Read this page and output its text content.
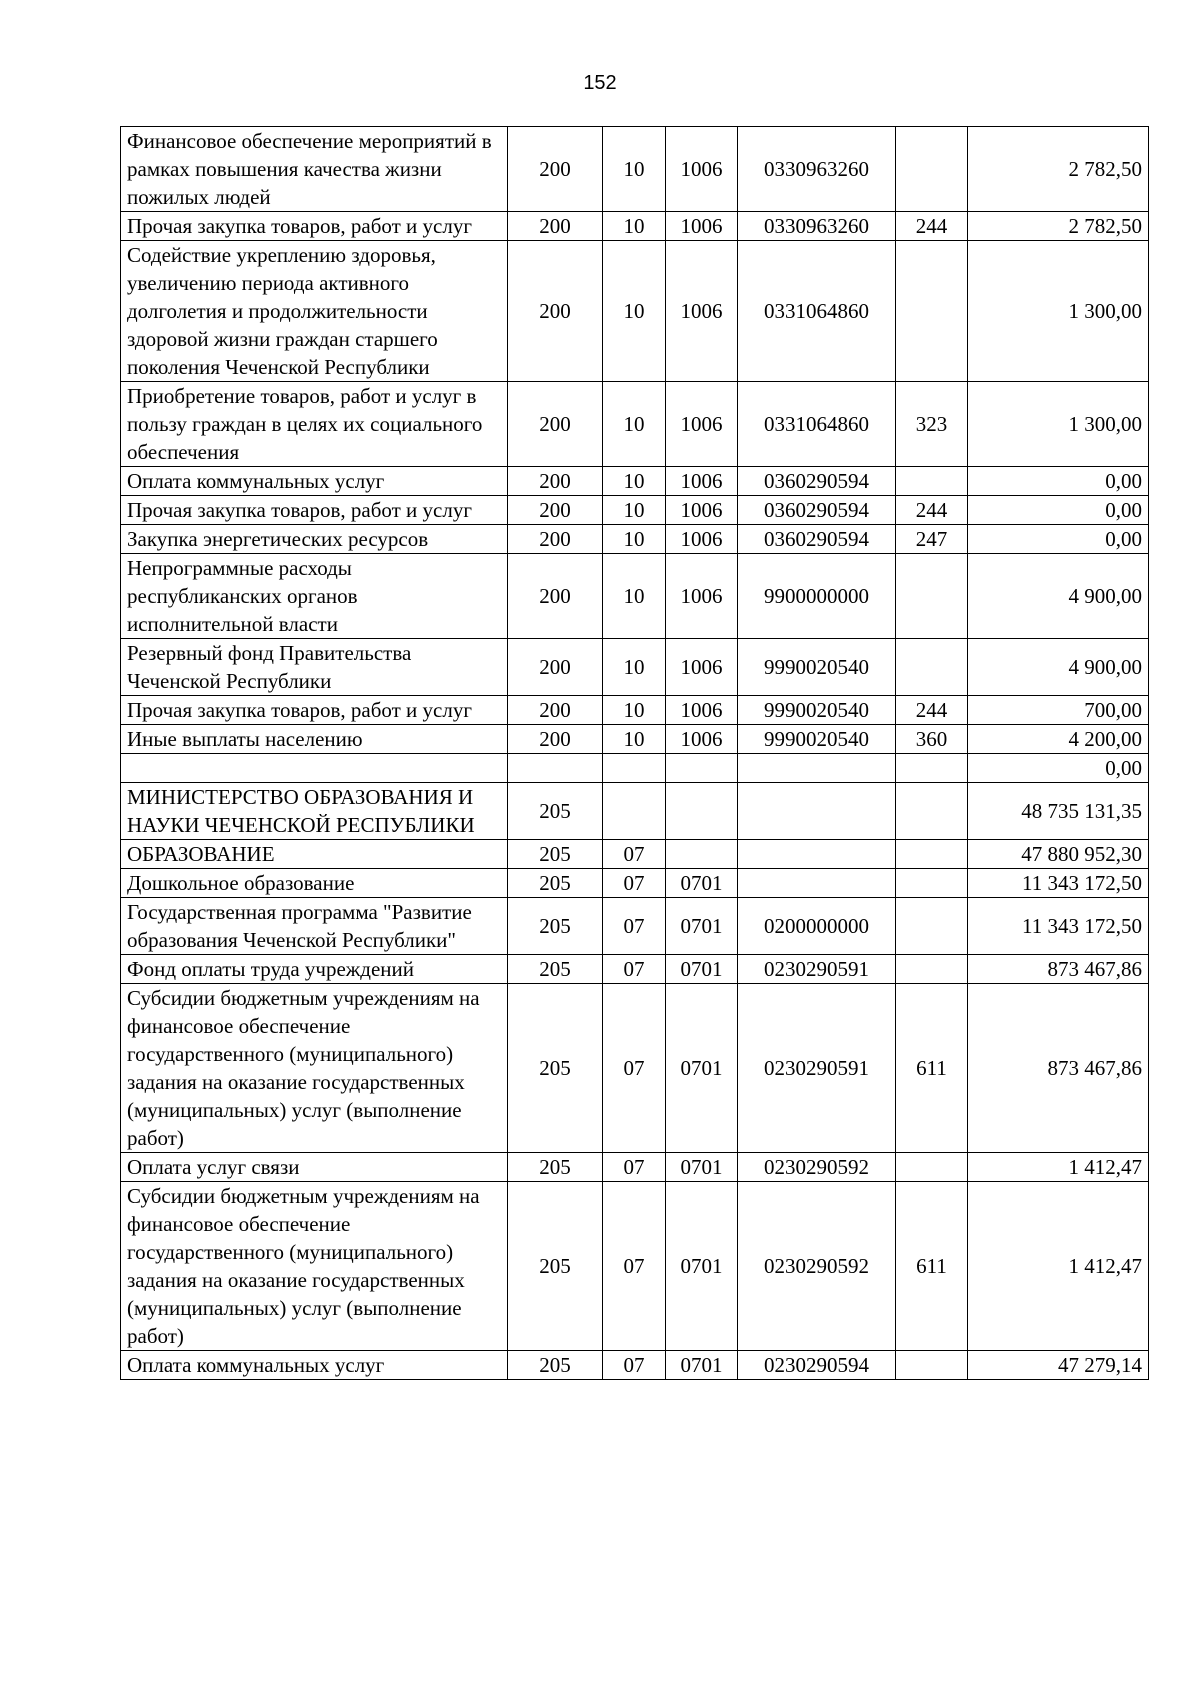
152
Финансовое обеспечение мероприятий в рамках повышения качества жизни пожилых людей	200	10	1006	0330963260		2 782,50
Прочая закупка товаров, работ и услуг	200	10	1006	0330963260	244	2 782,50
Содействие укреплению здоровья, увеличению периода активного долголетия и продолжительности здоровой жизни граждан старшего поколения Чеченской Республики	200	10	1006	0331064860		1 300,00
Приобретение товаров, работ и услуг в пользу граждан в целях их социального обеспечения	200	10	1006	0331064860	323	1 300,00
Оплата коммунальных услуг	200	10	1006	0360290594		0,00
Прочая закупка товаров, работ и услуг	200	10	1006	0360290594	244	0,00
Закупка энергетических ресурсов	200	10	1006	0360290594	247	0,00
Непрограммные расходы республиканских органов исполнительной власти	200	10	1006	9900000000		4 900,00
Резервный фонд Правительства Чеченской Республики	200	10	1006	9990020540		4 900,00
Прочая закупка товаров, работ и услуг	200	10	1006	9990020540	244	700,00
Иные выплаты населению	200	10	1006	9990020540	360	4 200,00
						0,00
МИНИСТЕРСТВО ОБРАЗОВАНИЯ И НАУКИ ЧЕЧЕНСКОЙ РЕСПУБЛИКИ	205					48 735 131,35
ОБРАЗОВАНИЕ	205	07				47 880 952,30
Дошкольное образование	205	07	0701			11 343 172,50
Государственная программа "Развитие образования Чеченской Республики"	205	07	0701	0200000000		11 343 172,50
Фонд оплаты труда учреждений	205	07	0701	0230290591		873 467,86
Субсидии бюджетным учреждениям на финансовое обеспечение государственного (муниципального) задания на оказание государственных (муниципальных) услуг (выполнение работ)	205	07	0701	0230290591	611	873 467,86
Оплата услуг связи	205	07	0701	0230290592		1 412,47
Субсидии бюджетным учреждениям на финансовое обеспечение государственного (муниципального) задания на оказание государственных (муниципальных) услуг (выполнение работ)	205	07	0701	0230290592	611	1 412,47
Оплата коммунальных услуг	205	07	0701	0230290594		47 279,14
